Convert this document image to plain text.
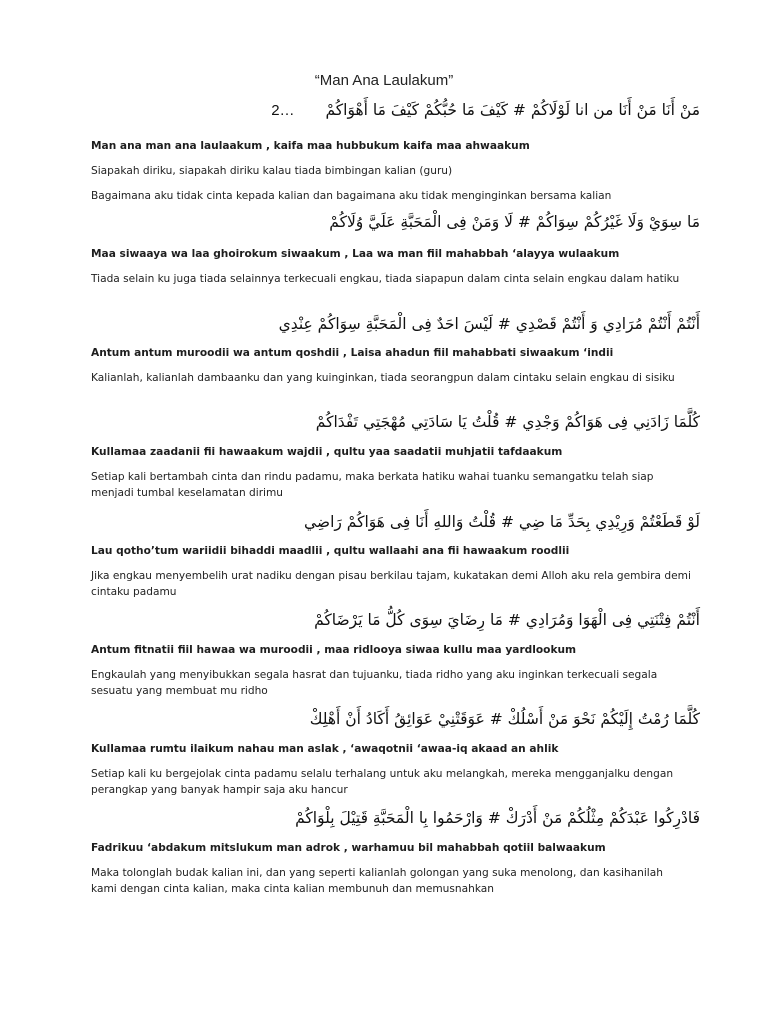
“Man Ana Laulakum”
مَنْ أَنَا مَنْ أَنَا من انا لَوْلَاكُمْ # كَيْفَ مَا حُبُّكُمْ كَيْفَ مَا أَهْوَاكُمْ 2…
Man ana man ana laulaakum , kaifa maa hubbukum kaifa maa ahwaakum
Siapakah diriku, siapakah diriku kalau tiada bimbingan kalian (guru)
Bagaimana aku tidak cinta kepada kalian dan bagaimana aku tidak menginginkan bersama kalian
مَا سِوَيْ وَلَا غَيْرُكُمْ سِوَاكُمْ # لَا وَمَنْ فِى الْمَحَبَّةِ عَلَيَّ وُلَاكُمْ
Maa siwaaya wa laa ghoirokum siwaakum , Laa wa man fiil mahabbah ‘alayya wulaakum
Tiada selain ku juga tiada selainnya terkecuali engkau, tiada siapapun dalam cinta selain engkau dalam hatiku
أَنْتُمْ أَنْتُمْ مُرَادِي وَ أَنْتُمْ قَصْدِي # لَيْسَ احَدٌ فِى الْمَحَبَّةِ سِوَاكُمْ عِنْدِي
Antum antum muroodii wa antum qoshdii , Laisa ahadun fiil mahabbati siwaakum ‘indii
Kalianlah, kalianlah dambaanku dan yang kuinginkan, tiada seorangpun dalam cintaku selain engkau di sisiku
كُلَّمَا زَادَنِي فِى هَوَاكُمْ وَجْدِي # قُلْتُ يَا سَادَتِي مُهْجَتِي تَفْدَاكُمْ
Kullamaa zaadanii fii hawaakum wajdii , qultu yaa saadatii muhjatii tafdaakum
Setiap kali bertambah cinta dan rindu padamu, maka berkata hatiku wahai tuanku semangatku telah siap menjadi tumbal keselamatan dirimu
لَوْ قَطَعْتُمْ وَرِيْدِي بِحَدِّ مَا ضِي # قُلْتُ وَاللهِ أَنَا فِى هَوَاكُمْ رَاضِي
Lau qotho’tum wariidii bihaddi maadlii , qultu wallaahi ana fii hawaakum roodlii
Jika engkau menyembelih urat nadiku dengan pisau berkilau tajam, kukatakan demi Alloh aku rela gembira demi cintaku padamu
أَنْتُمْ فِتْنَتِي فِى الْهَوَا وَمُرَادِي # مَا رِضَايَ سِوَى كُلُّ مَا يَرْضَاكُمْ
Antum fitnatii fiil hawaa wa muroodii , maa ridlooya siwaa kullu maa yardlookum
Engkaulah yang menyibukkan segala hasrat dan tujuanku, tiada ridho yang aku inginkan terkecuali segala sesuatu yang membuat mu ridho
كُلَّمَا رُمْتُ إِلَيْكُمْ نَحْوَ مَنْ أَسْلُكْ # عَوَقَتْنِيْ عَوَائِقُ أَكَادُ أَنْ أَهْلِكْ
Kullamaa rumtu ilaikum nahau man aslak , ‘awaqotnii ‘awaa-iq akaad an ahlik
Setiap kali ku bergejolak cinta padamu selalu terhalang untuk aku melangkah, mereka mengganjalku dengan perangkap yang banyak hampir saja aku hancur
فَادْرِكُوا عَبْدَكُمْ مِثْلُكُمْ مَنْ أَدْرَكْ # وَارْحَمُوا بِا الْمَحَبَّةِ قَتِيْلَ بِلْوَاكُمْ
Fadrikuu ‘abdakum mitslukum man adrok , warhamuu bil mahabbah qotiil balwaakum
Maka tolonglah budak kalian ini, dan yang seperti kalianlah golongan yang suka menolong, dan kasihanilah kami dengan cinta kalian, maka cinta kalian membunuh dan memusnahkan
